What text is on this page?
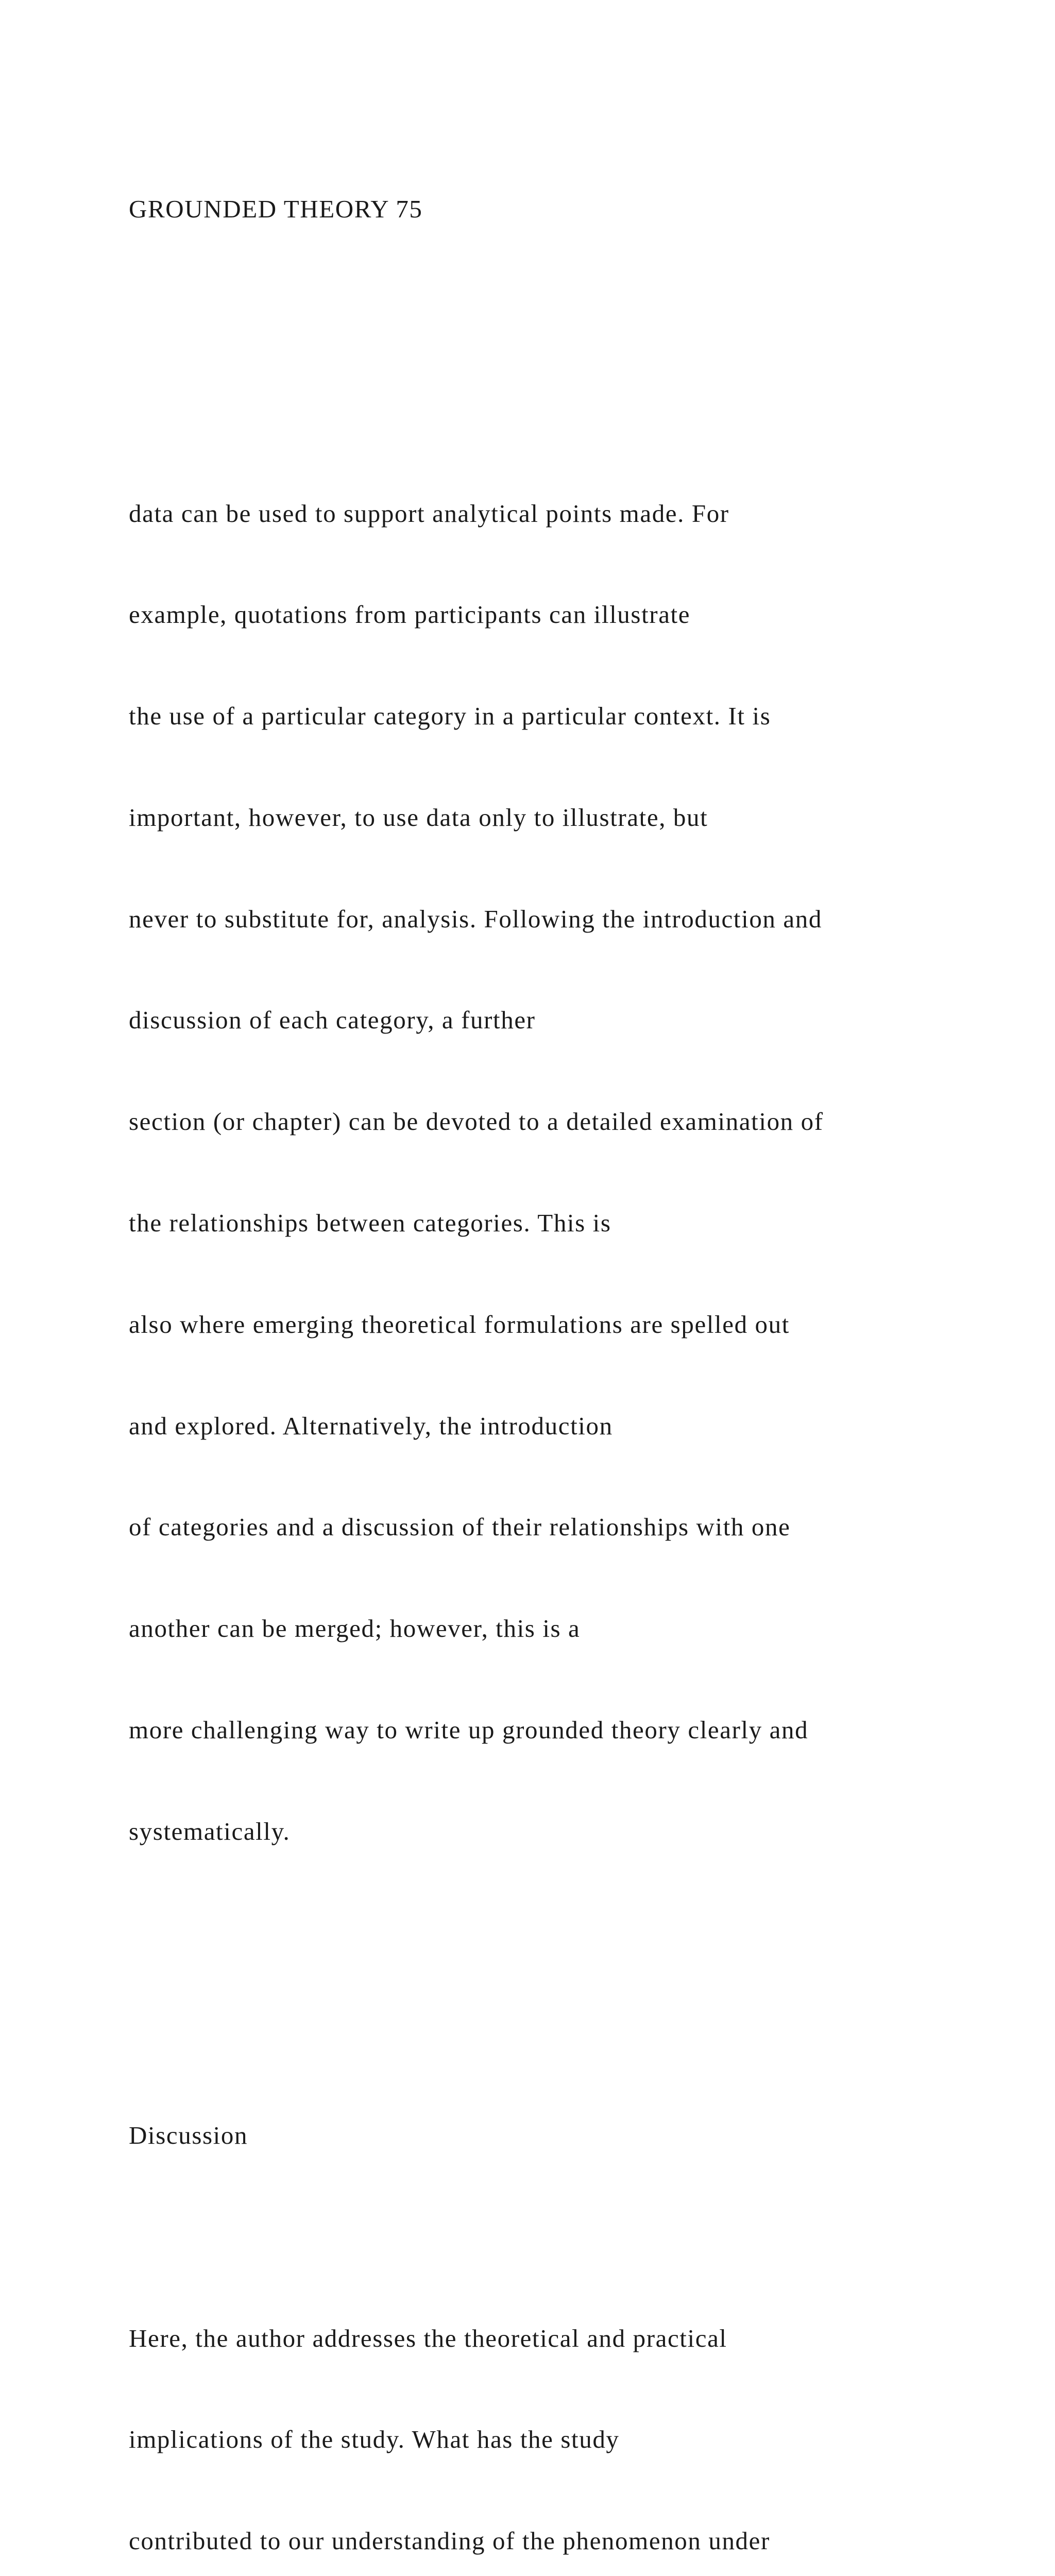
GROUNDED THEORY 75

data can be used to support analytical points made. For

example, quotations from participants can illustrate

the use of a particular category in a particular context. It is

important, however, to use data only to illustrate, but

never to substitute for, analysis. Following the introduction and

discussion of each category, a further

section (or chapter) can be devoted to a detailed examination of

the relationships between categories. This is

also where emerging theoretical formulations are spelled out

and explored. Alternatively, the introduction

of categories and a discussion of their relationships with one

another can be merged; however, this is a

more challenging way to write up grounded theory clearly and

systematically.

Discussion

Here, the author addresses the theoretical and practical

implications of the study. What has the study

contributed to our understanding of the phenomenon under
